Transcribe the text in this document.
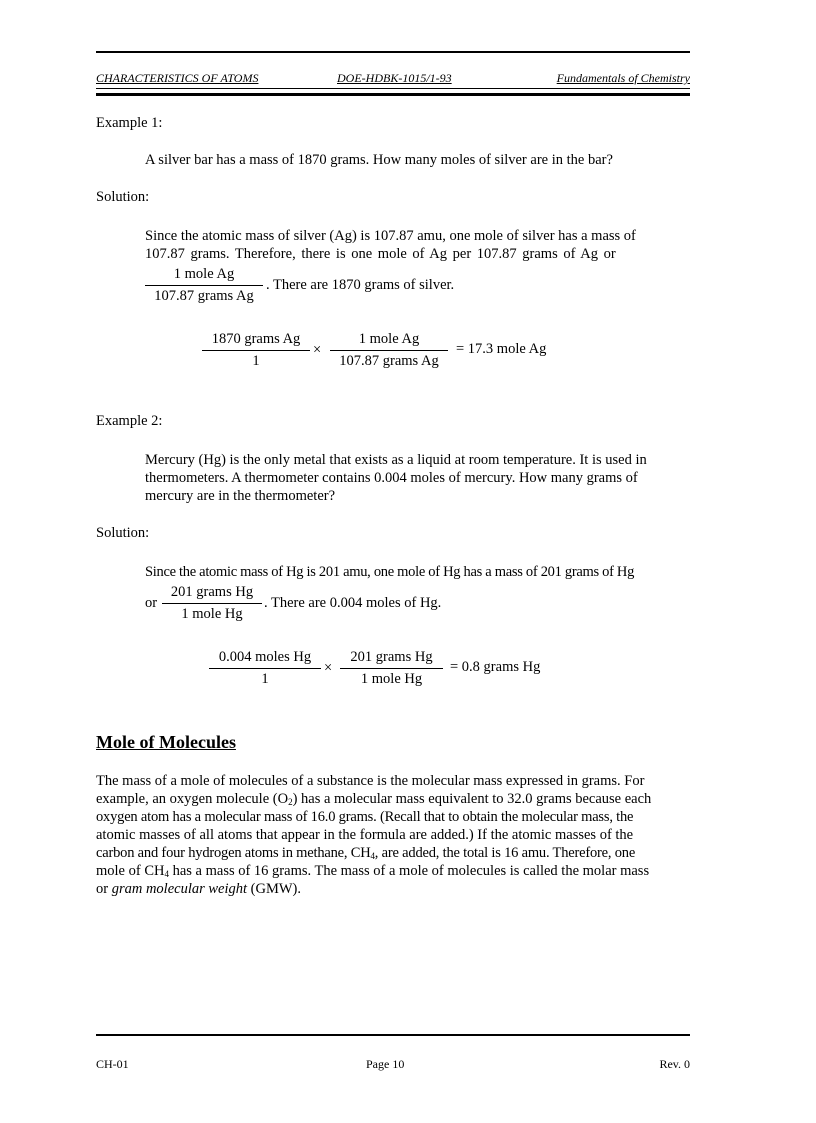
CHARACTERISTICS OF ATOMS	DOE-HDBK-1015/1-93	Fundamentals of Chemistry
Example 1:
A silver bar has a mass of 1870 grams. How many moles of silver are in the bar?
Solution:
Since the atomic mass of silver (Ag) is 107.87 amu, one mole of silver has a mass of
107.87 grams. Therefore, there is one mole of Ag per 107.87 grams of Ag or
1 mole Ag
107.87 grams Ag
. There are 1870 grams of silver.
1870 grams Ag
1
×
1 mole Ag
107.87 grams Ag
= 17.3 mole Ag
Example 2:
Mercury (Hg) is the only metal that exists as a liquid at room temperature. It is used in
thermometers. A thermometer contains 0.004 moles of mercury. How many grams of
mercury are in the thermometer?
Solution:
Since the atomic mass of Hg is 201 amu, one mole of Hg has a mass of 201 grams of Hg
or
201 grams Hg
1 mole Hg
. There are 0.004 moles of Hg.
0.004 moles Hg
1
×
201 grams Hg
1 mole Hg
= 0.8 grams Hg
Mole of Molecules
The mass of a mole of molecules of a substance is the molecular mass expressed in grams. For
example, an oxygen molecule $(O_2)$ has a molecular mass equivalent to 32.0 grams because each
oxygen atom has a molecular mass of 16.0 grams. (Recall that to obtain the molecular mass, the
atomic masses of all atoms that appear in the formula are added.) If the atomic masses of the
carbon and four hydrogen atoms in methane, $CH_4$, are added, the total is 16 amu. Therefore, one
mole of $CH_4$ has a mass of 16 grams. The mass of a mole of molecules is called the molar mass
or gram molecular weight (GMW).
CH-01	Page 10	Rev. 0
